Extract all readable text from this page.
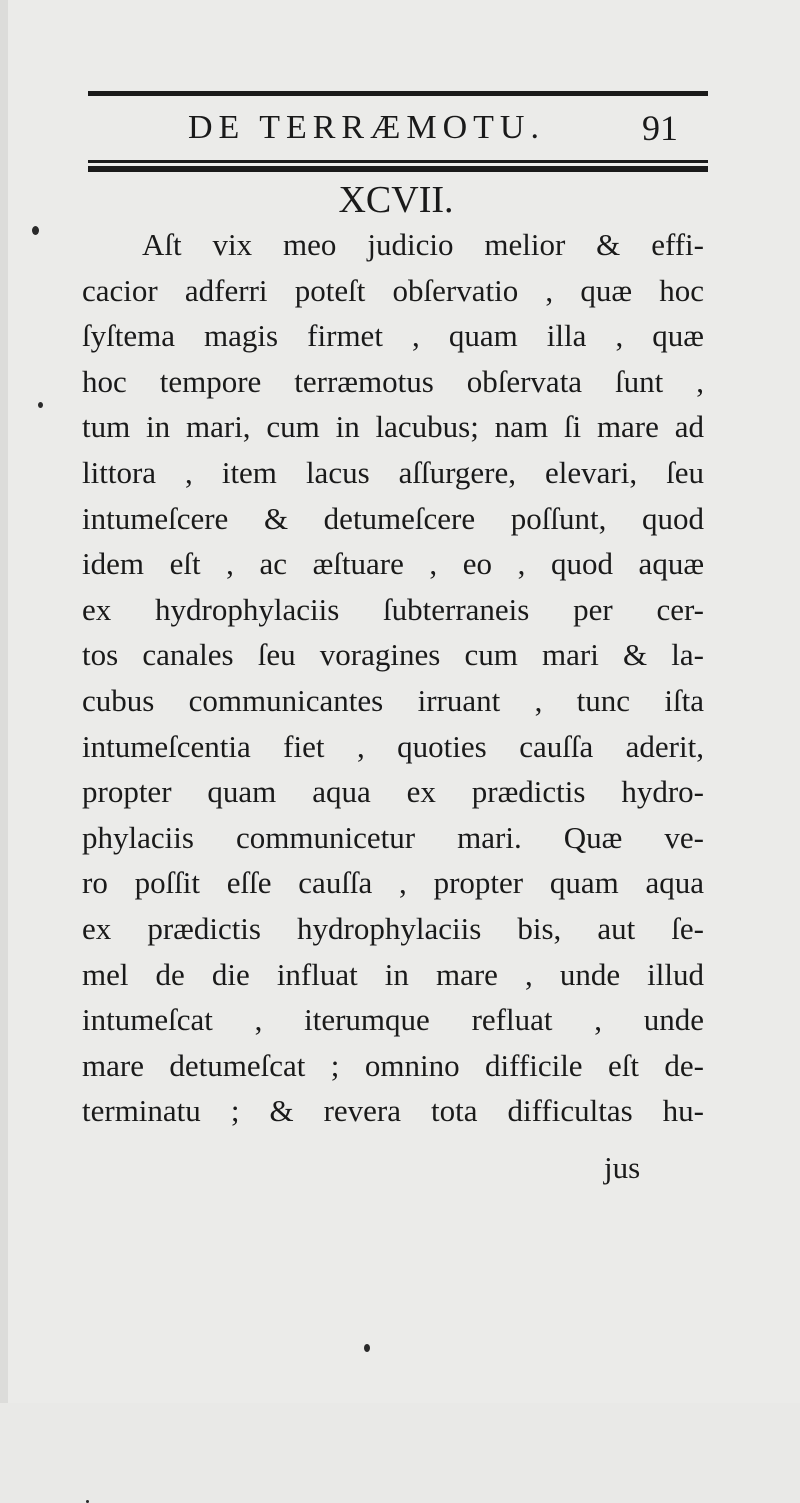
DE TERRÆMOTU.	91
XCVII.
Aſt vix meo judicio melior & effi-
cacior adferri poteſt obſervatio , quæ hoc
ſyſtema magis firmet , quam illa , quæ
hoc tempore terræmotus obſervata ſunt ,
tum in mari, cum in lacubus; nam ſi mare ad
littora , item lacus aſſurgere, elevari, ſeu
intumeſcere & detumeſcere poſſunt, quod
idem eſt , ac æſtuare , eo , quod aquæ
ex hydrophylaciis ſubterraneis per cer-
tos canales ſeu voragines cum mari & la-
cubus communicantes irruant , tunc iſta
intumeſcentia fiet , quoties cauſſa aderit,
propter quam aqua ex prædictis hydro-
phylaciis communicetur mari. Quæ ve-
ro poſſit eſſe cauſſa , propter quam aqua
ex prædictis hydrophylaciis bis, aut ſe-
mel de die influat in mare , unde illud
intumeſcat , iterumque refluat , unde
mare detumeſcat ; omnino difficile eſt de-
terminatu ; & revera tota difficultas hu-
jus
